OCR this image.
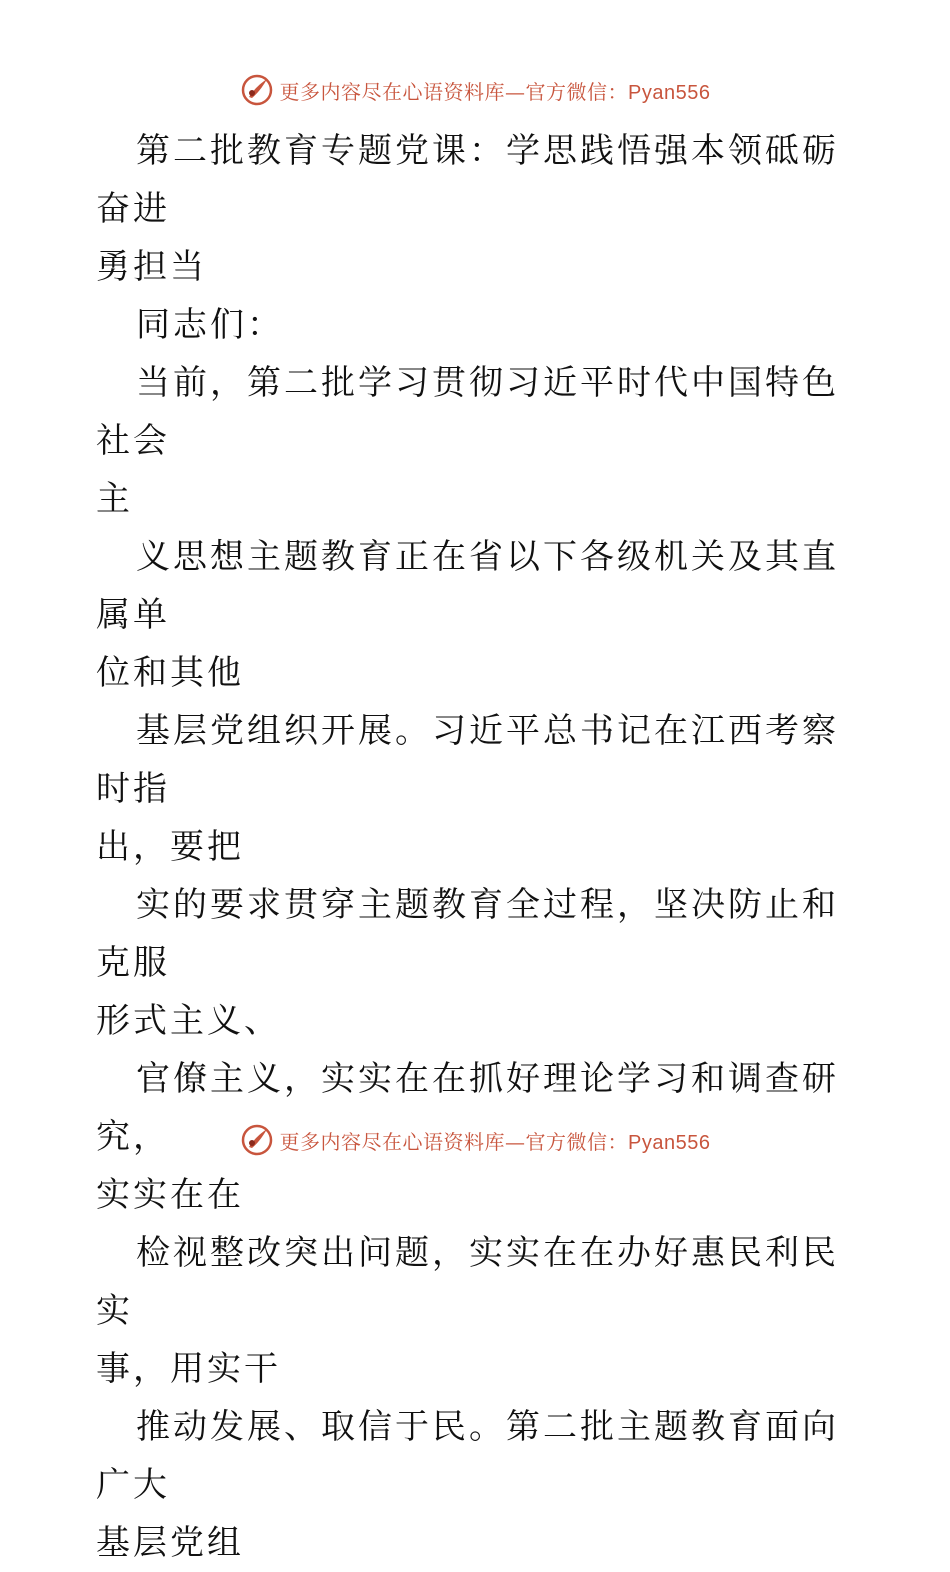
更多内容尽在心语资料库—官方微信：Pyan556

第二批教育专题党课：学思践悟强本领砥砺奋进

勇担当

同志们：

当前，第二批学习贯彻习近平时代中国特色社会

主

义思想主题教育正在省以下各级机关及其直属单

位和其他

基层党组织开展。习近平总书记在江西考察时指

出，要把

实的要求贯穿主题教育全过程，坚决防止和克服

形式主义、

官僚主义，实实在在抓好理论学习和调查研究，

实实在在

检视整改突出问题，实实在在办好惠民利民实

事，用实干

推动发展、取信于民。第二批主题教育面向广大

基层党组

更多内容尽在心语资料库—官方微信：Pyan556
